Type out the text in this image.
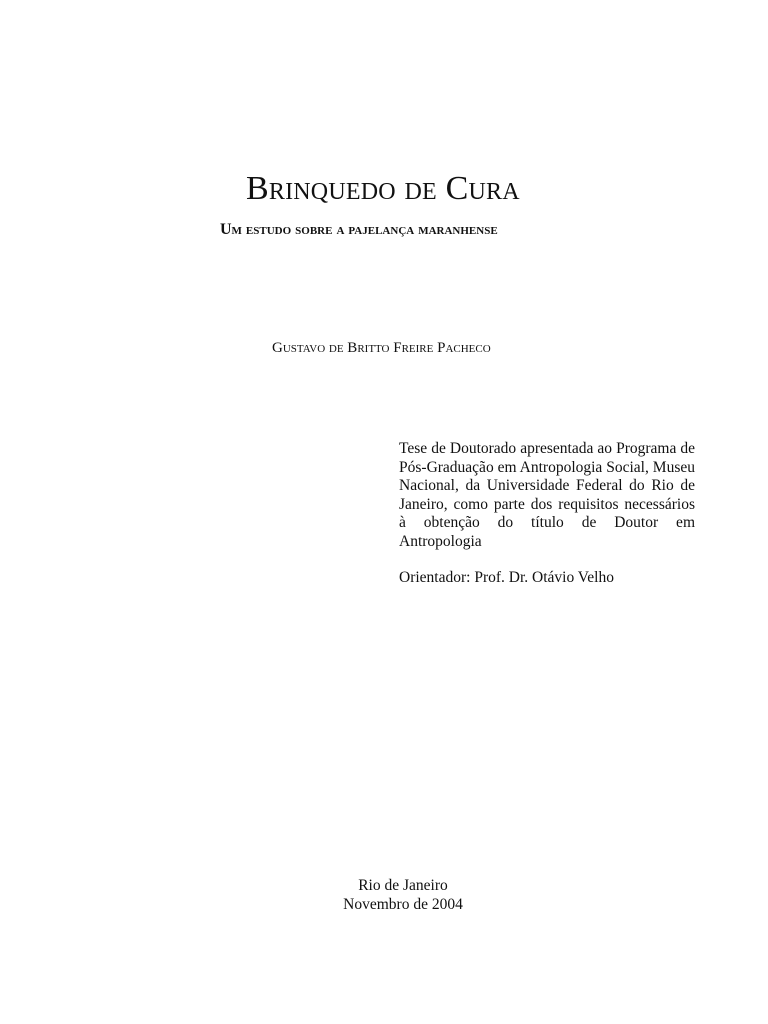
Brinquedo de Cura
Um estudo sobre a pajelança maranhense
Gustavo de Britto Freire Pacheco

Tese de Doutorado apresentada ao Programa de Pós-Graduação em Antropologia Social, Museu Nacional, da Universidade Federal do Rio de Janeiro, como parte dos requisitos necessários à obtenção do título de Doutor em Antropologia

Orientador: Prof. Dr. Otávio Velho

Rio de Janeiro
Novembro de 2004
